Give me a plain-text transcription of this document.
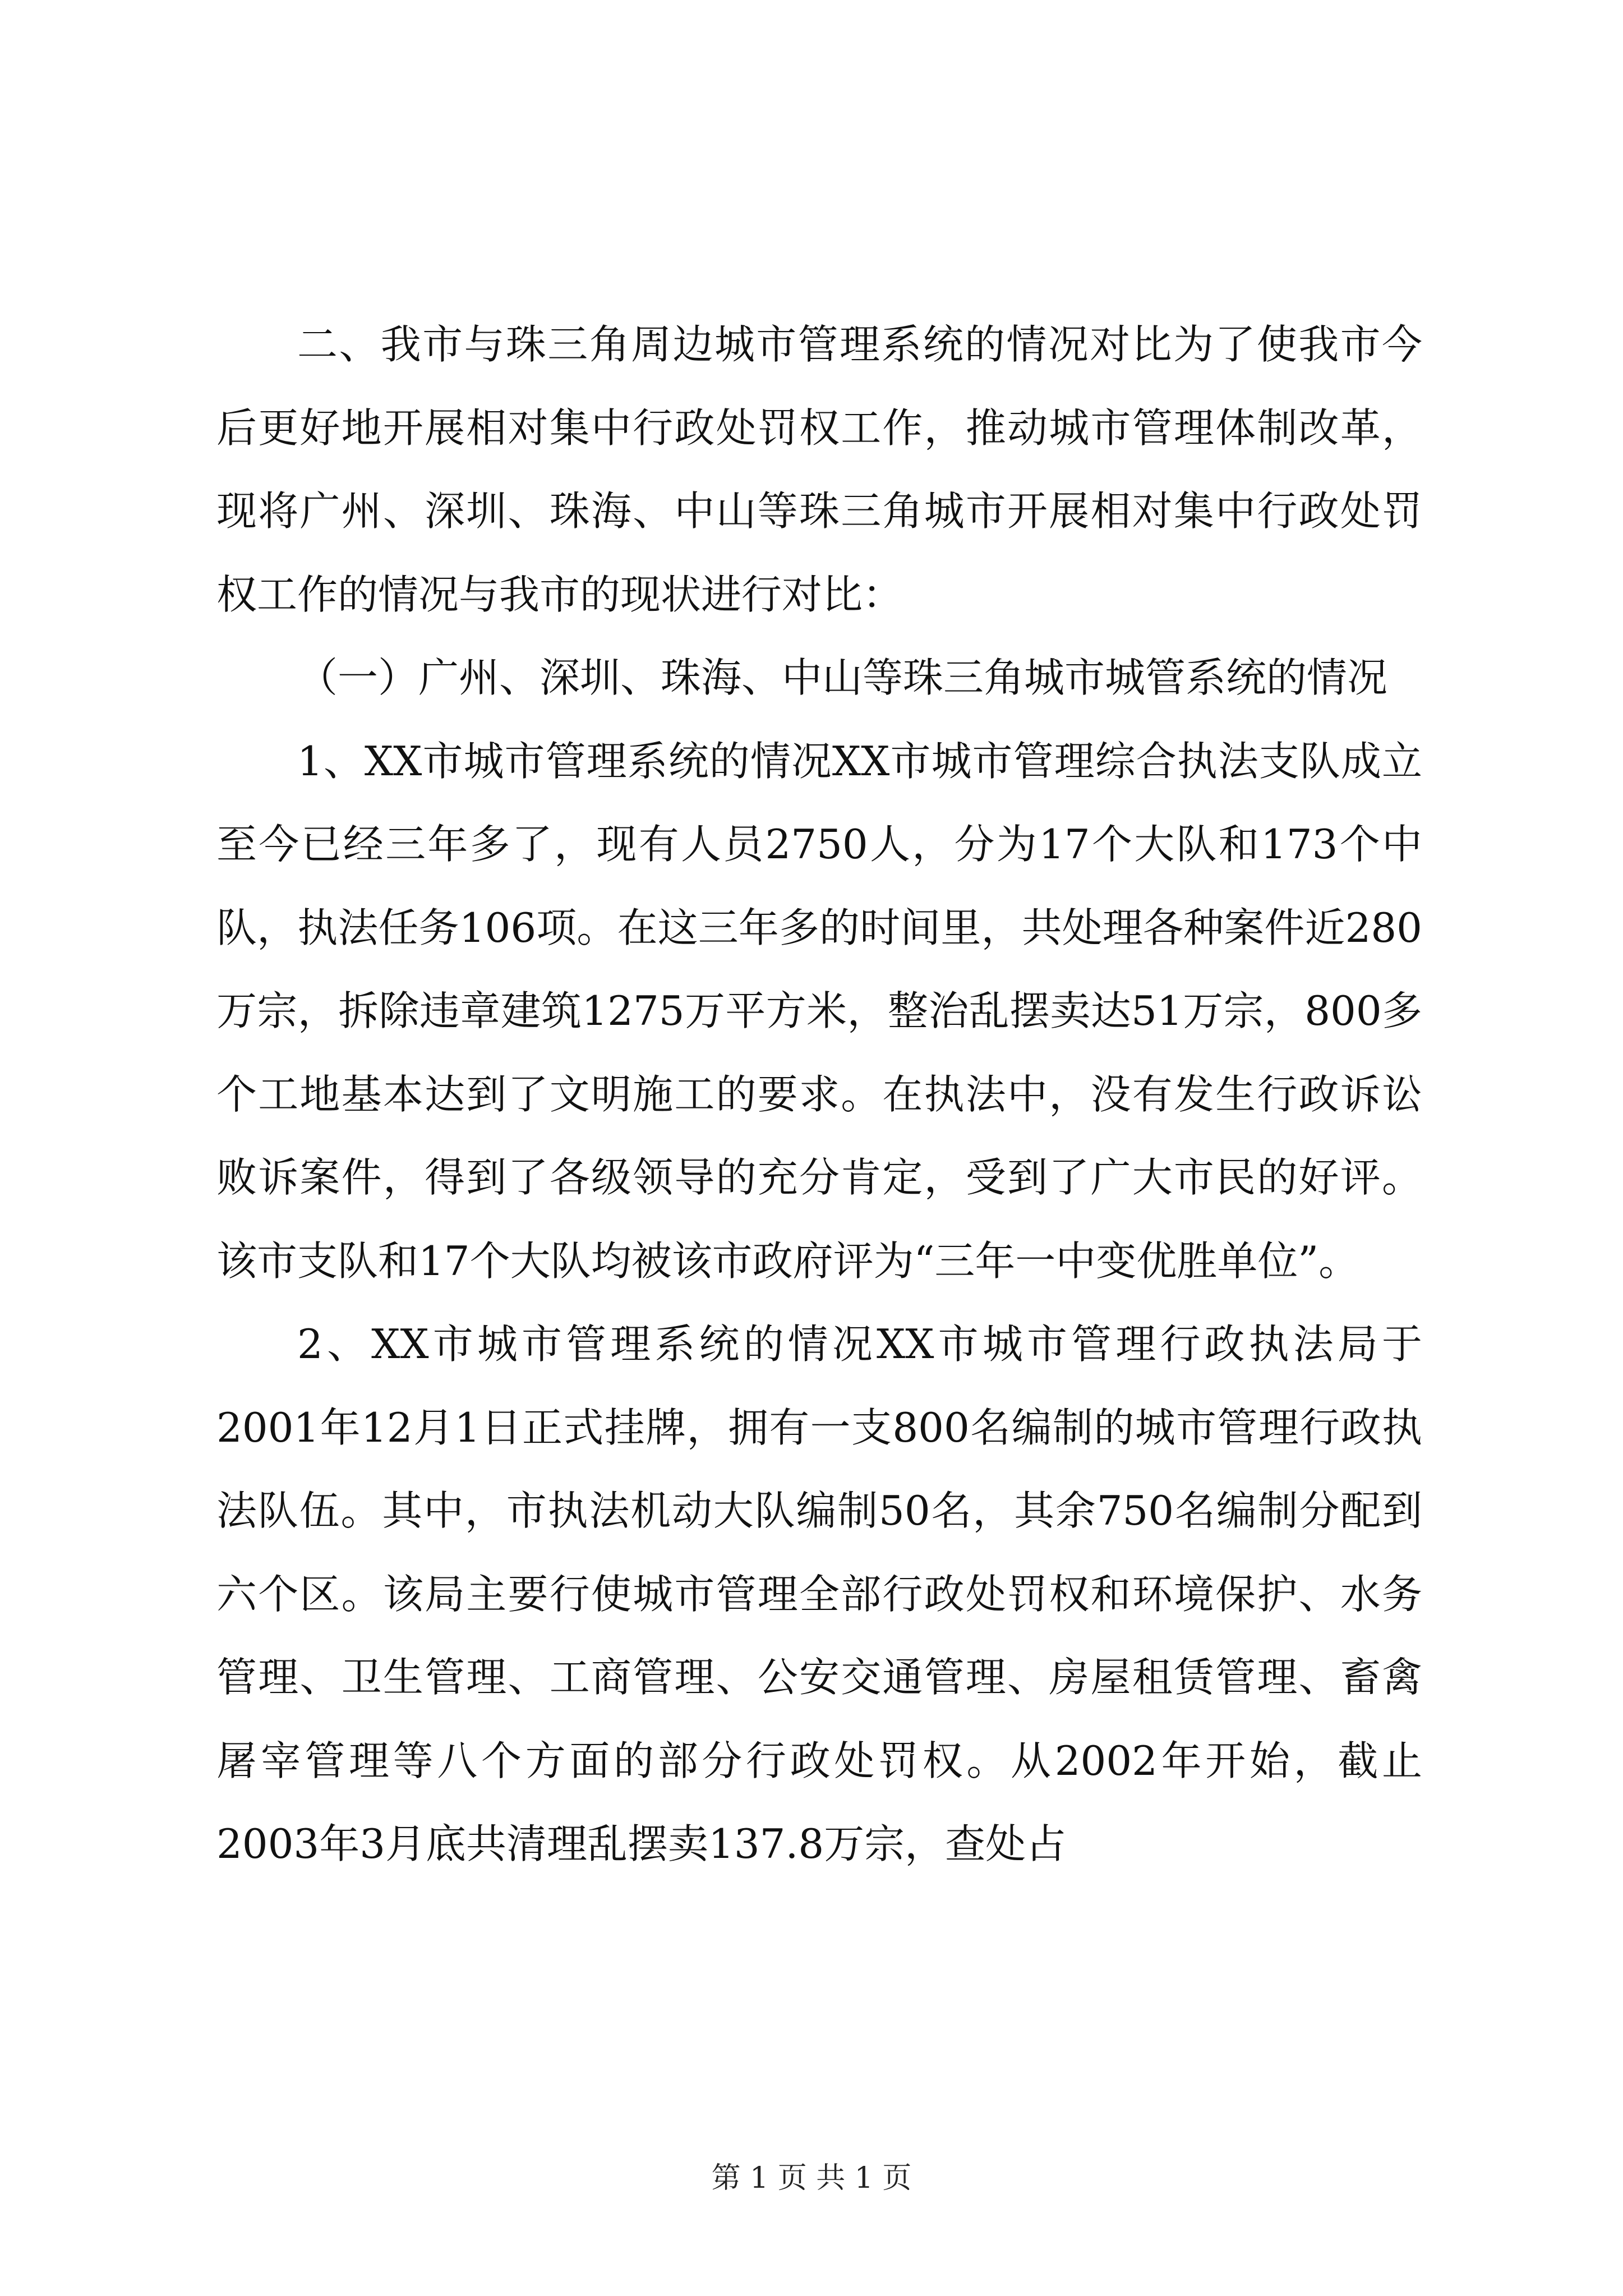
二、我市与珠三角周边城市管理系统的情况对比为了使我市今后更好地开展相对集中行政处罚权工作，推动城市管理体制改革，现将广州、深圳、珠海、中山等珠三角城市开展相对集中行政处罚权工作的情况与我市的现状进行对比：

（一）广州、深圳、珠海、中山等珠三角城市城管系统的情况

1、XX市城市管理系统的情况XX市城市管理综合执法支队成立至今已经三年多了，现有人员2750人，分为17个大队和173个中队，执法任务106项。在这三年多的时间里，共处理各种案件近280万宗，拆除违章建筑1275万平方米，整治乱摆卖达51万宗，800多个工地基本达到了文明施工的要求。在执法中，没有发生行政诉讼败诉案件，得到了各级领导的充分肯定，受到了广大市民的好评。该市支队和17个大队均被该市政府评为“三年一中变优胜单位”。

2、XX市城市管理系统的情况XX市城市管理行政执法局于2001年12月1日正式挂牌，拥有一支800名编制的城市管理行政执法队伍。其中，市执法机动大队编制50名，其余750名编制分配到六个区。该局主要行使城市管理全部行政处罚权和环境保护、水务管理、卫生管理、工商管理、公安交通管理、房屋租赁管理、畜禽屠宰管理等八个方面的部分行政处罚权。从2002年开始，截止2003年3月底共清理乱摆卖137.8万宗，查处占

第 1 页 共 1 页
